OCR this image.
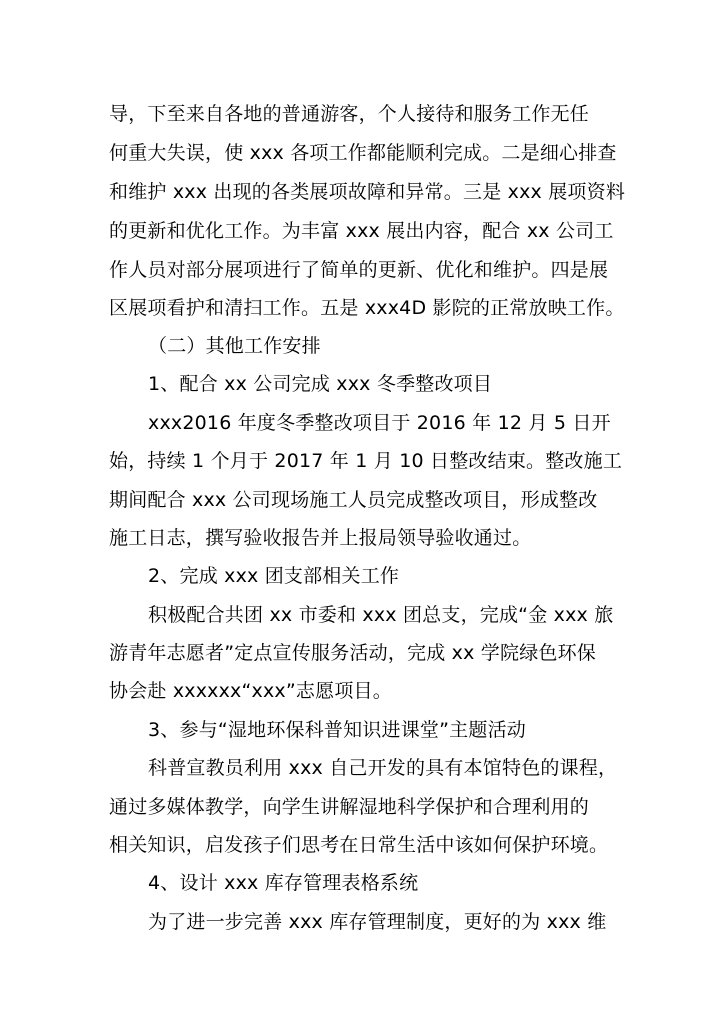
导，下至来自各地的普通游客，个人接待和服务工作无任
何重大失误，使 xxx 各项工作都能顺利完成。二是细心排查
和维护 xxx 出现的各类展项故障和异常。三是 xxx 展项资料
的更新和优化工作。为丰富 xxx 展出内容，配合 xx 公司工
作人员对部分展项进行了简单的更新、优化和维护。四是展
区展项看护和清扫工作。五是 xxx4D 影院的正常放映工作。
（二）其他工作安排
1、配合 xx 公司完成 xxx 冬季整改项目
xxx2016 年度冬季整改项目于 2016 年 12 月 5 日开
始，持续 1 个月于 2017 年 1 月 10 日整改结束。整改施工
期间配合 xxx 公司现场施工人员完成整改项目，形成整改
施工日志，撰写验收报告并上报局领导验收通过。
2、完成 xxx 团支部相关工作
积极配合共团 xx 市委和 xxx 团总支，完成“金 xxx 旅
游青年志愿者”定点宣传服务活动，完成 xx 学院绿色环保
协会赴 xxxxxx“xxx”志愿项目。
3、参与“湿地环保科普知识进课堂”主题活动
科普宣教员利用 xxx 自己开发的具有本馆特色的课程，
通过多媒体教学，向学生讲解湿地科学保护和合理利用的
相关知识，启发孩子们思考在日常生活中该如何保护环境。
4、设计 xxx 库存管理表格系统
为了进一步完善 xxx 库存管理制度，更好的为 xxx 维
